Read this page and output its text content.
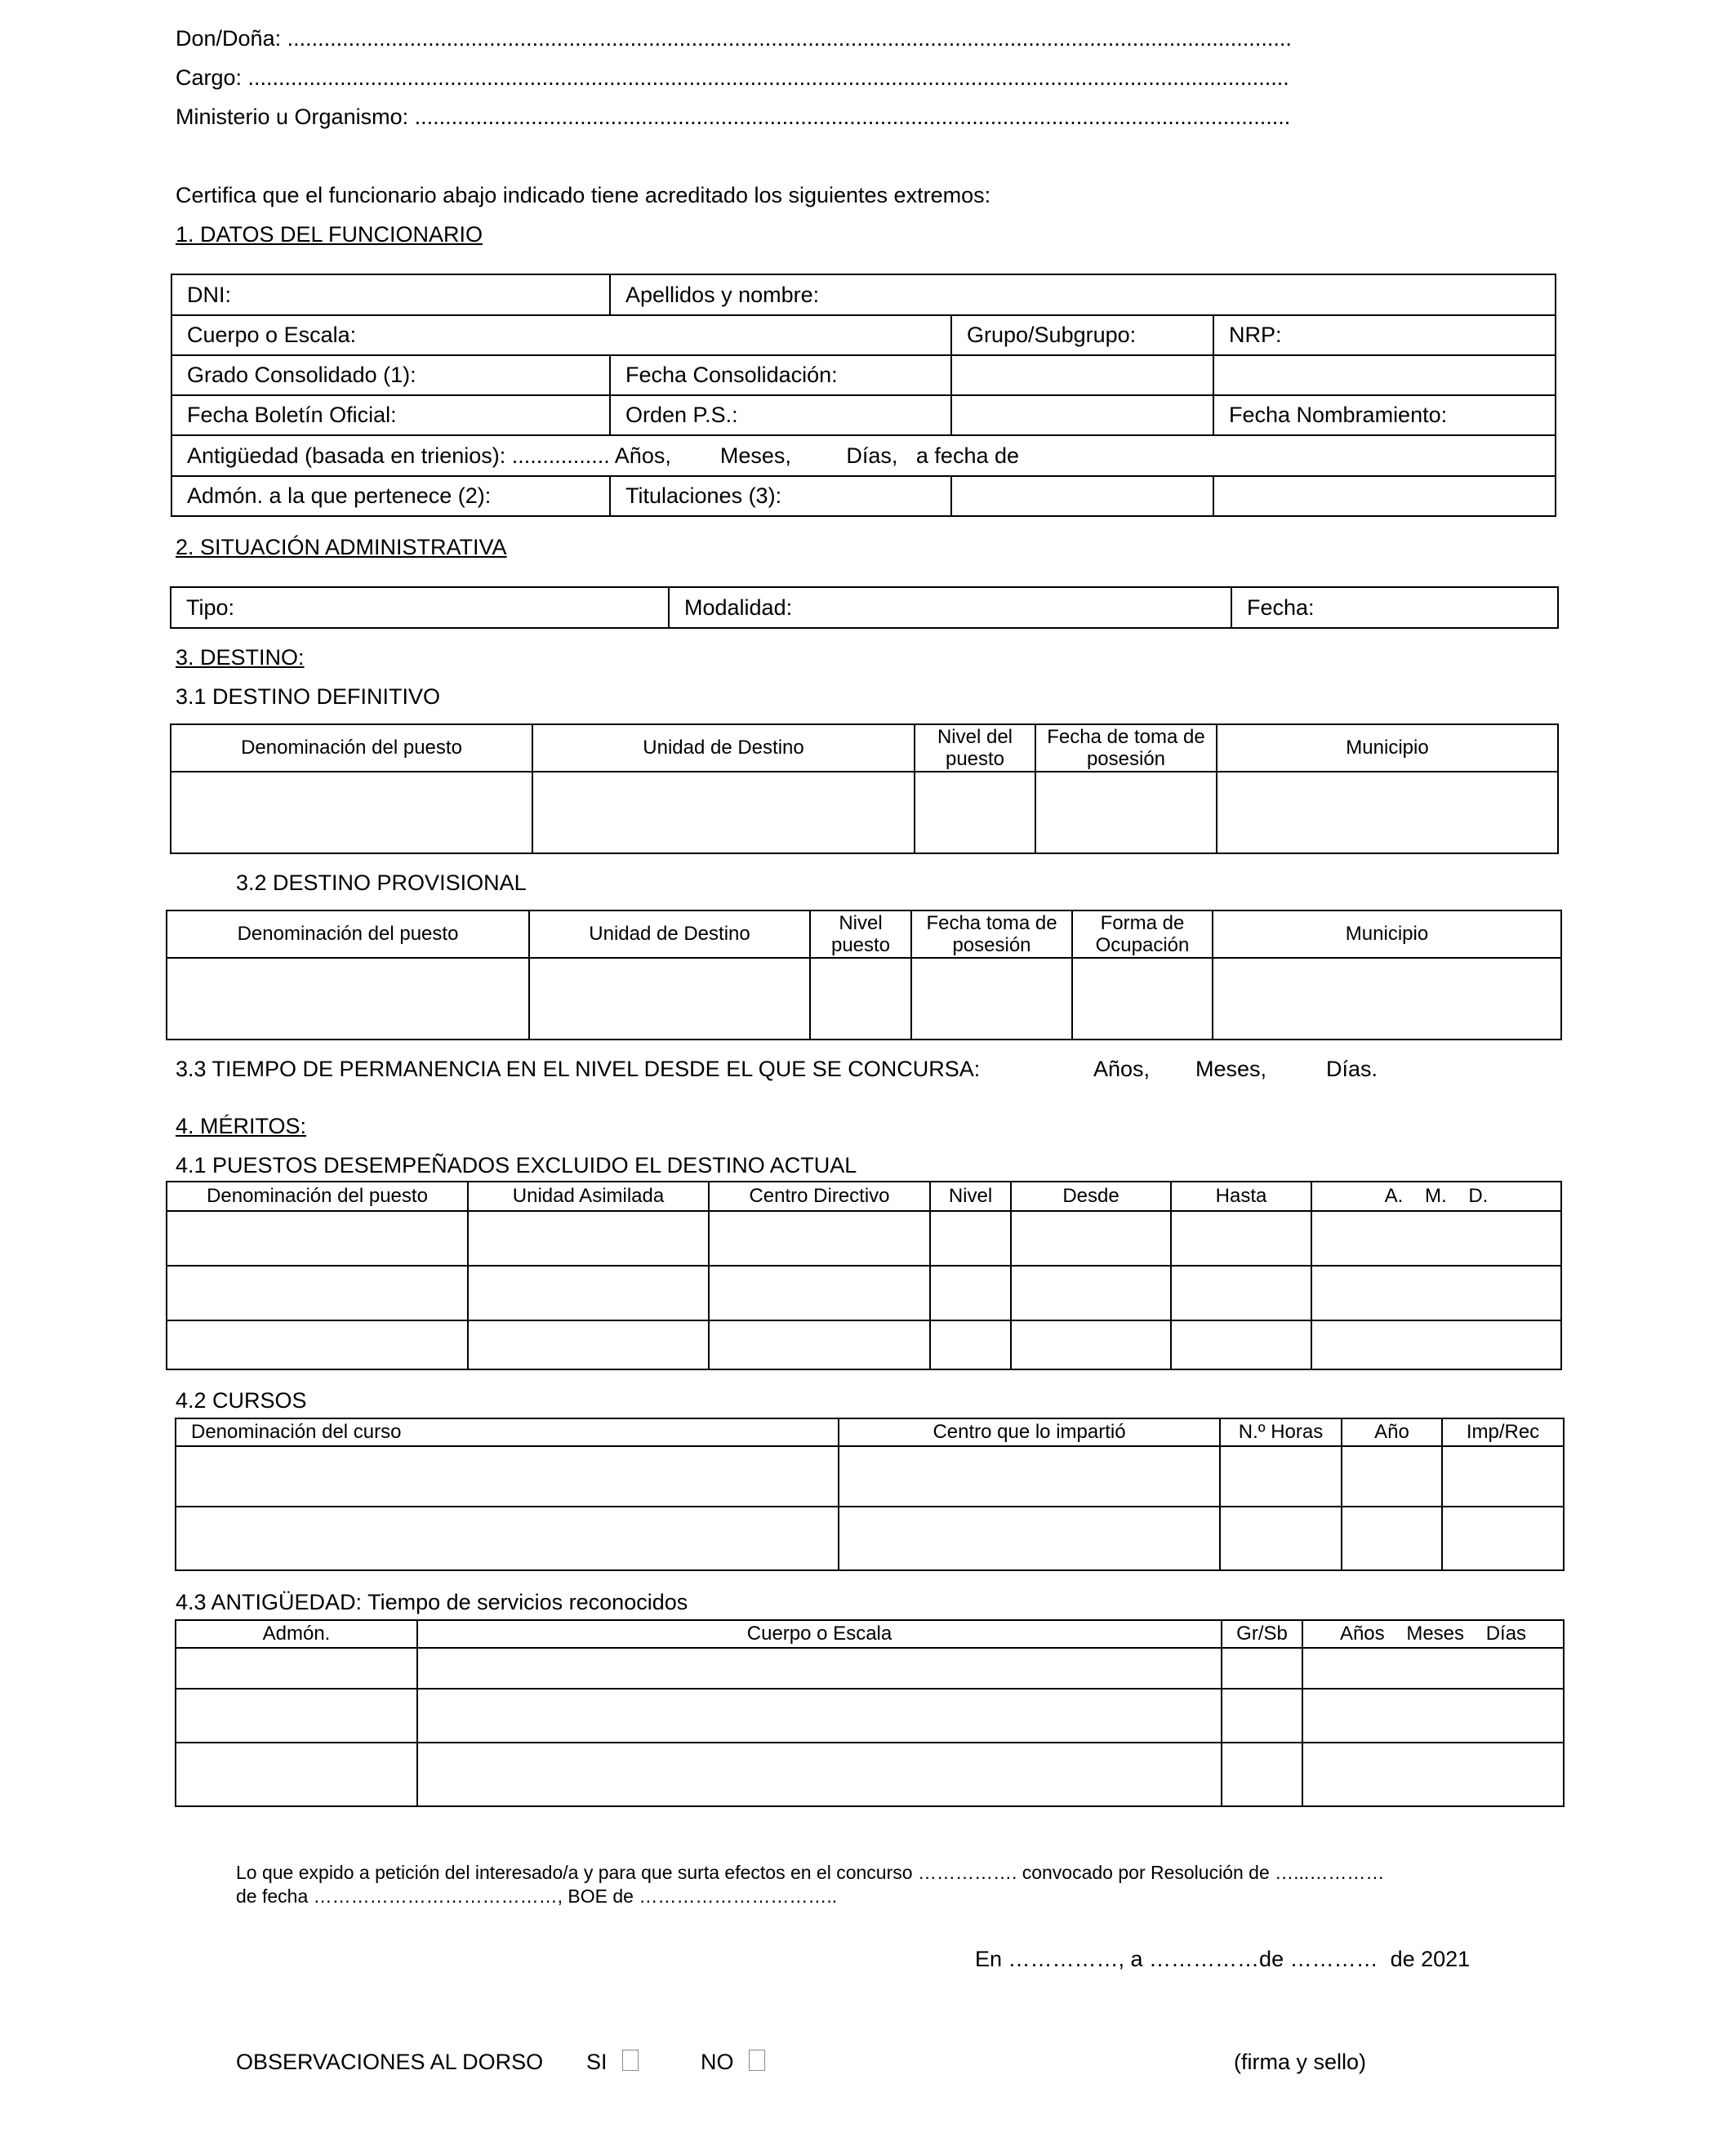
Don/Doña: ....................................................................................................................................................................
Cargo: ..........................................................................................................................................................................
Ministerio u Organismo: ...............................................................................................................................................
Certifica que el funcionario abajo indicado tiene acreditado los siguientes extremos:
1. DATOS DEL FUNCIONARIO
DNI:	Apellidos y nombre:		
Cuerpo o Escala:		Grupo/Subgrupo:	NRP:
Grado Consolidado (1):	Fecha Consolidación:		
Fecha Boletín Oficial:	Orden P.S.:		Fecha Nombramiento:
Antigüedad (basada en trienios): ................ Años,        Meses,         Días,   a fecha de			
Admón. a la que pertenece (2):	Titulaciones (3):		
2. SITUACIÓN ADMINISTRATIVA
Tipo:	Modalidad:	Fecha:
3. DESTINO:
3.1 DESTINO DEFINITIVO
Denominación del puesto	Unidad de Destino	Nivel del puesto	Fecha de toma de posesión	Municipio

3.2 DESTINO PROVISIONAL
Denominación del puesto	Unidad de Destino	Nivel puesto	Fecha toma de posesión	Forma de Ocupación	Municipio

3.3 TIEMPO DE PERMANENCIA EN EL NIVEL DESDE EL QUE SE CONCURSA:	Años, Meses,	Días.
4. MÉRITOS:
4.1 PUESTOS DESEMPEÑADOS EXCLUIDO EL DESTINO ACTUAL
Denominación del puesto	Unidad Asimilada	Centro Directivo	Nivel	Desde	Hasta	A.    M.    D.

4.2 CURSOS
Denominación del curso	Centro que lo impartió	N.º Horas	Año	Imp/Rec

4.3 ANTIGÜEDAD: Tiempo de servicios reconocidos
Admón.	Cuerpo o Escala	Gr/Sb	Años    Meses    Días

Lo que expido a petición del interesado/a y para que surta efectos en el concurso ……………. convocado por Resolución de …...…………
de fecha …………………………………, BOE de …………………………..
En ……………, a ……………de …………  de 2021
OBSERVACIONES AL DORSO SI	NO	(firma y sello)
